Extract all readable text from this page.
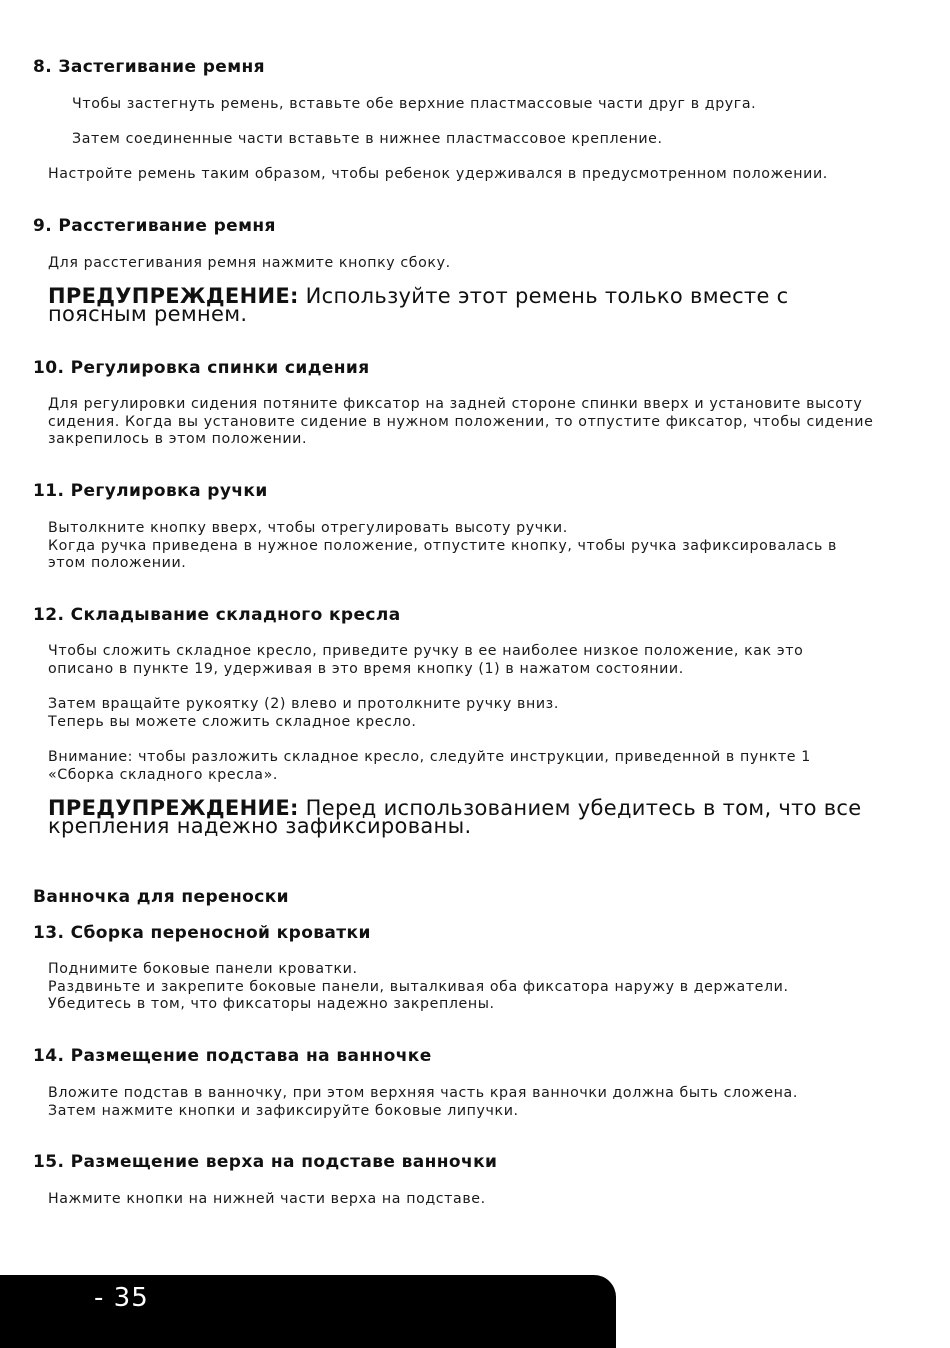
8. Застегивание ремня

Чтобы застегнуть ремень, вставьте обе верхние пластмассовые части друг в друга.

Затем соединенные части вставьте в нижнее пластмассовое крепление.

Настройте ремень таким образом, чтобы ребенок удерживался в предусмотренном положении.

9. Расстегивание ремня

Для расстегивания ремня нажмите кнопку сбоку.

ПРЕДУПРЕЖДЕНИЕ: Используйте этот ремень только вместе с
поясным ремнем.

10. Регулировка спинки сидения

Для регулировки сидения потяните фиксатор на задней стороне спинки вверх и установите высоту
сидения. Когда вы установите сидение в нужном положении, то отпустите фиксатор, чтобы сидение
закрепилось в этом положении.

11. Регулировка ручки

Вытолкните кнопку вверх, чтобы отрегулировать высоту ручки.
Когда ручка приведена в нужное положение, отпустите кнопку, чтобы ручка зафиксировалась в
этом положении.

12. Складывание складного кресла

Чтобы сложить складное кресло, приведите ручку в ее наиболее низкое положение, как это
описано в пункте 19, удерживая в это время кнопку (1) в нажатом состоянии.

Затем вращайте рукоятку (2) влево и протолкните ручку вниз.
Теперь вы можете сложить складное кресло.

Внимание: чтобы разложить складное кресло, следуйте инструкции, приведенной в пункте 1
«Сборка складного кресла».

ПРЕДУПРЕЖДЕНИЕ: Перед использованием убедитесь в том, что все
крепления надежно зафиксированы.

Ванночка для переноски
13. Сборка переносной кроватки

Поднимите боковые панели кроватки.
Раздвиньте и закрепите боковые панели, выталкивая оба фиксатора наружу в держатели.
Убедитесь в том, что фиксаторы надежно закреплены.

14. Размещение подстава на ванночке

Вложите подстав в ванночку, при этом верхняя часть края ванночки должна быть сложена.
Затем нажмите кнопки и зафиксируйте боковые липучки.

15. Размещение верха на подставе ванночки

Нажмите кнопки на нижней части верха на подставе.

- 35
